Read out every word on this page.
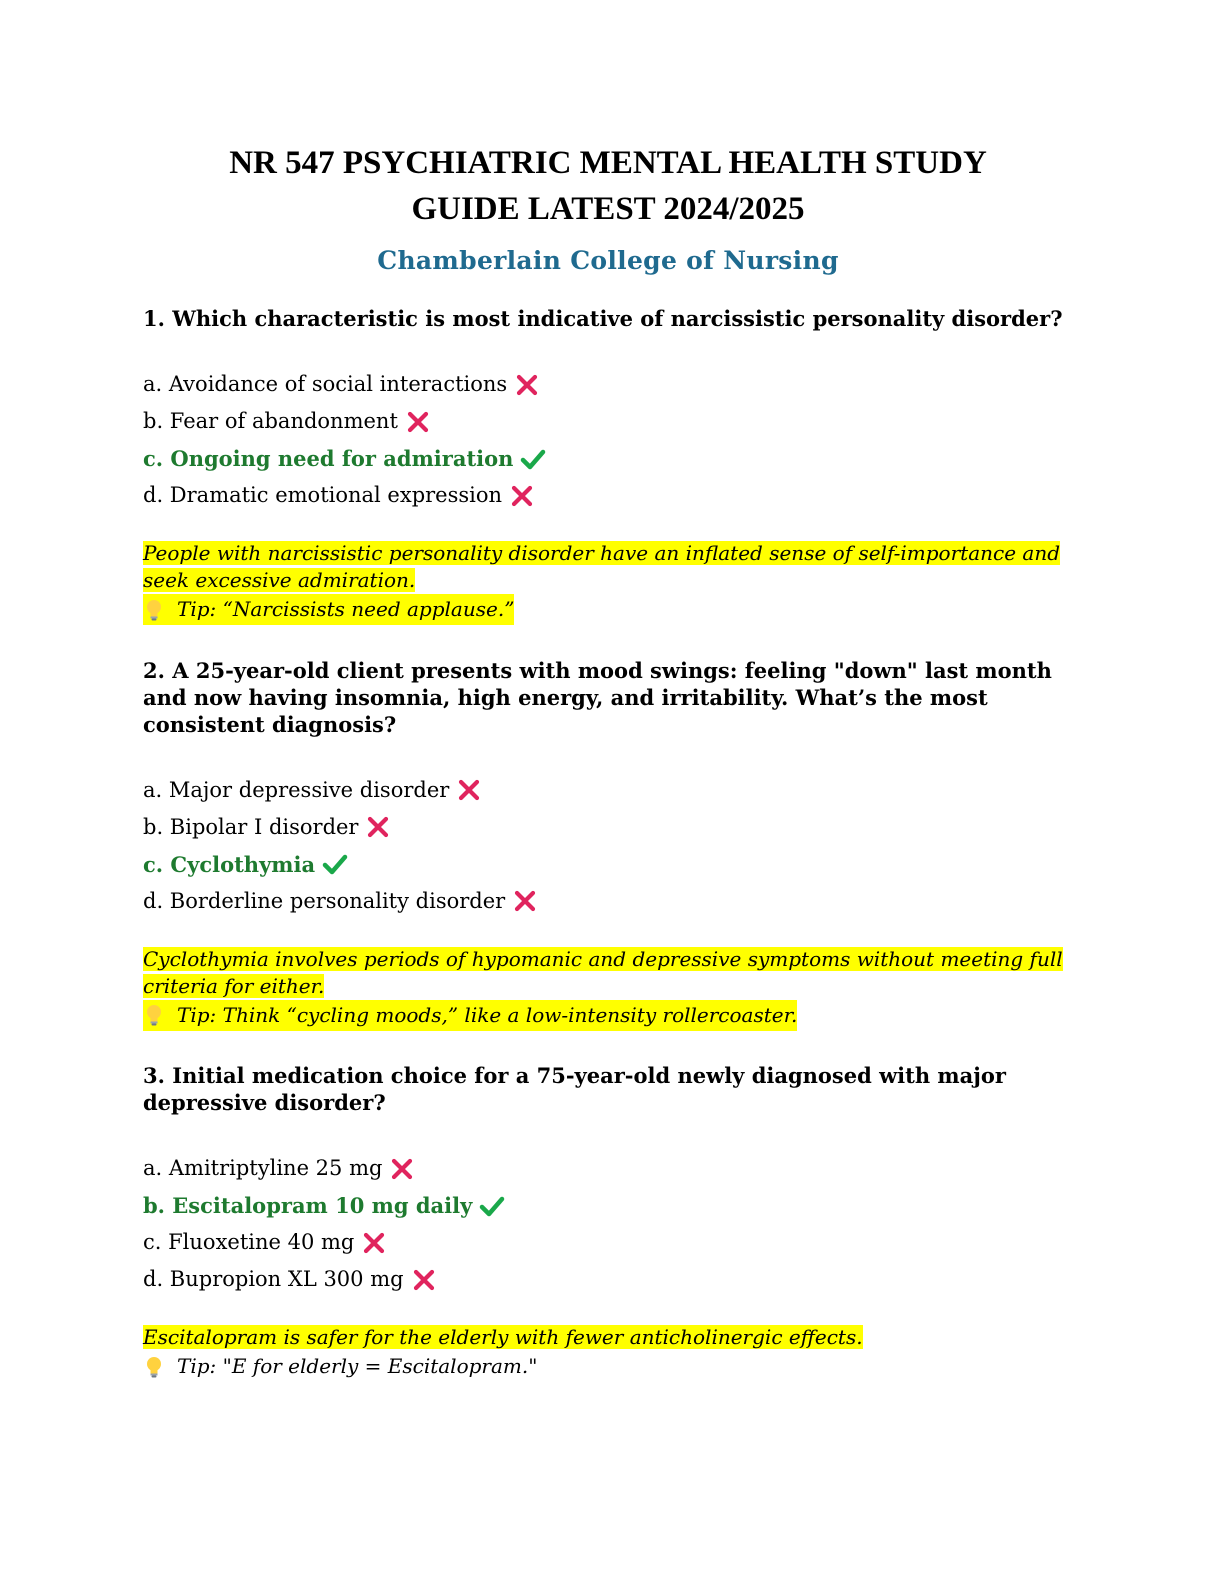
NR 547 PSYCHIATRIC MENTAL HEALTH STUDY
GUIDE LATEST 2024/2025
Chamberlain College of Nursing

1. Which characteristic is most indicative of narcissistic personality disorder?

a. Avoidance of social interactions
b. Fear of abandonment
c. Ongoing need for admiration
d. Dramatic emotional expression
People with narcissistic personality disorder have an inflated sense of self-importance and seek excessive admiration.
Tip: “Narcissists need applause.”

2. A 25-year-old client presents with mood swings: feeling "down" last month and now having insomnia, high energy, and irritability. What’s the most consistent diagnosis?

a. Major depressive disorder
b. Bipolar I disorder
c. Cyclothymia
d. Borderline personality disorder
Cyclothymia involves periods of hypomanic and depressive symptoms without meeting full criteria for either.
Tip: Think “cycling moods,” like a low-intensity rollercoaster.

3. Initial medication choice for a 75-year-old newly diagnosed with major depressive disorder?

a. Amitriptyline 25 mg
b. Escitalopram 10 mg daily
c. Fluoxetine 40 mg
d. Bupropion XL 300 mg
Escitalopram is safer for the elderly with fewer anticholinergic effects.
Tip: "E for elderly = Escitalopram."
